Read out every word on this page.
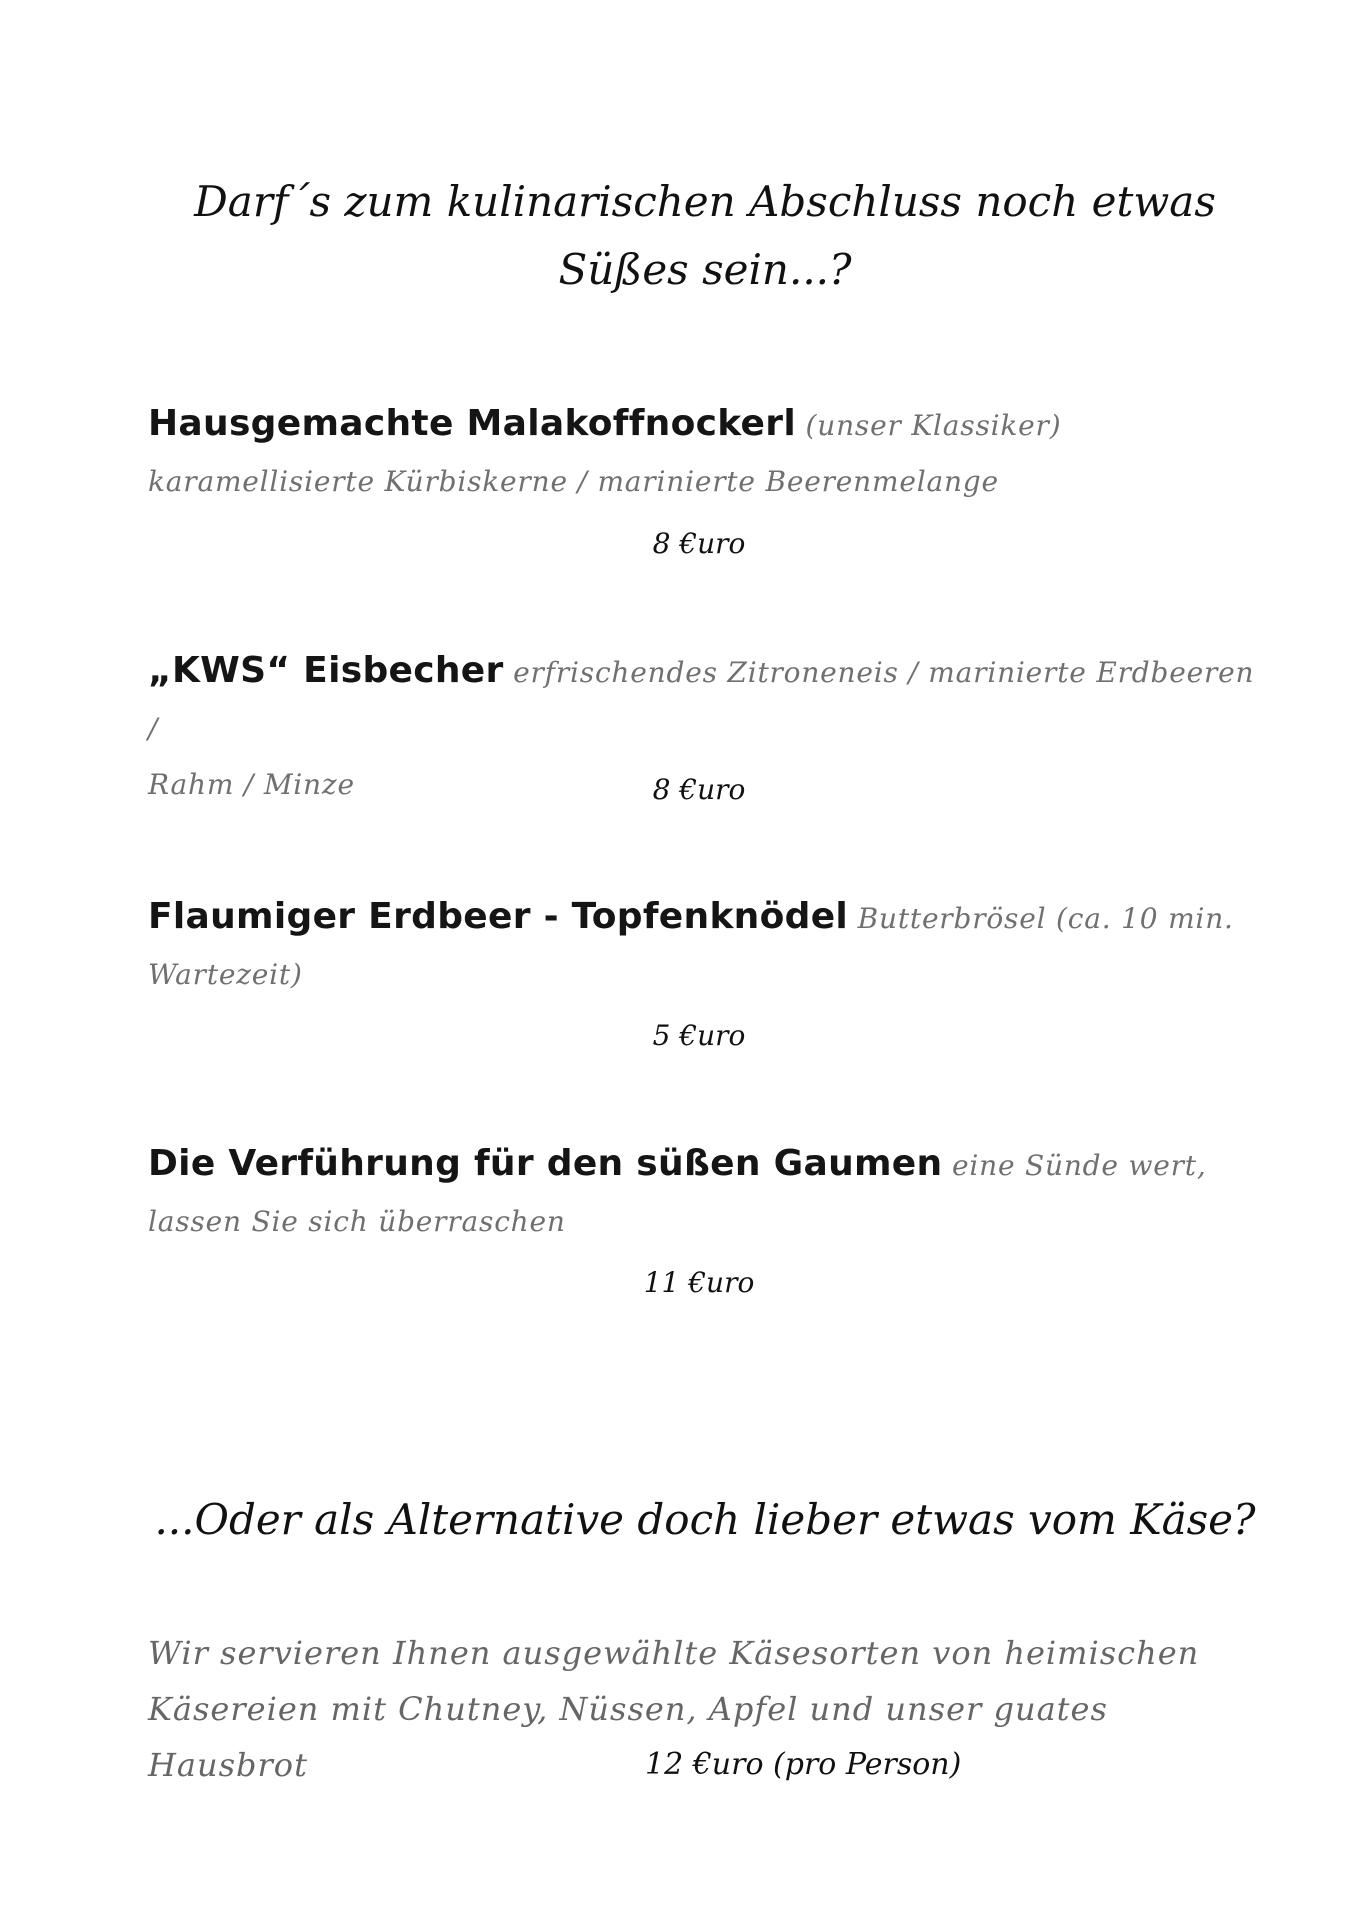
Darf´s zum kulinarischen Abschluss noch etwas
Süßes sein...?
Hausgemachte Malakoffnockerl (unser Klassiker)
karamellisierte Kürbiskerne / marinierte Beerenmelange
8 €uro
„KWS“ Eisbecher erfrischendes Zitroneneis / marinierte Erdbeeren /
Rahm / Minze	8 €uro
Flaumiger Erdbeer - Topfenknödel Butterbrösel (ca. 10 min.
Wartezeit)
5 €uro
Die Verführung für den süßen Gaumen eine Sünde wert,
lassen Sie sich überraschen
11 €uro
...Oder als Alternative doch lieber etwas vom Käse?
Wir servieren Ihnen ausgewählte Käsesorten von heimischen
Käsereien mit Chutney, Nüssen, Apfel und unser guates
Hausbrot	12 €uro (pro Person)
